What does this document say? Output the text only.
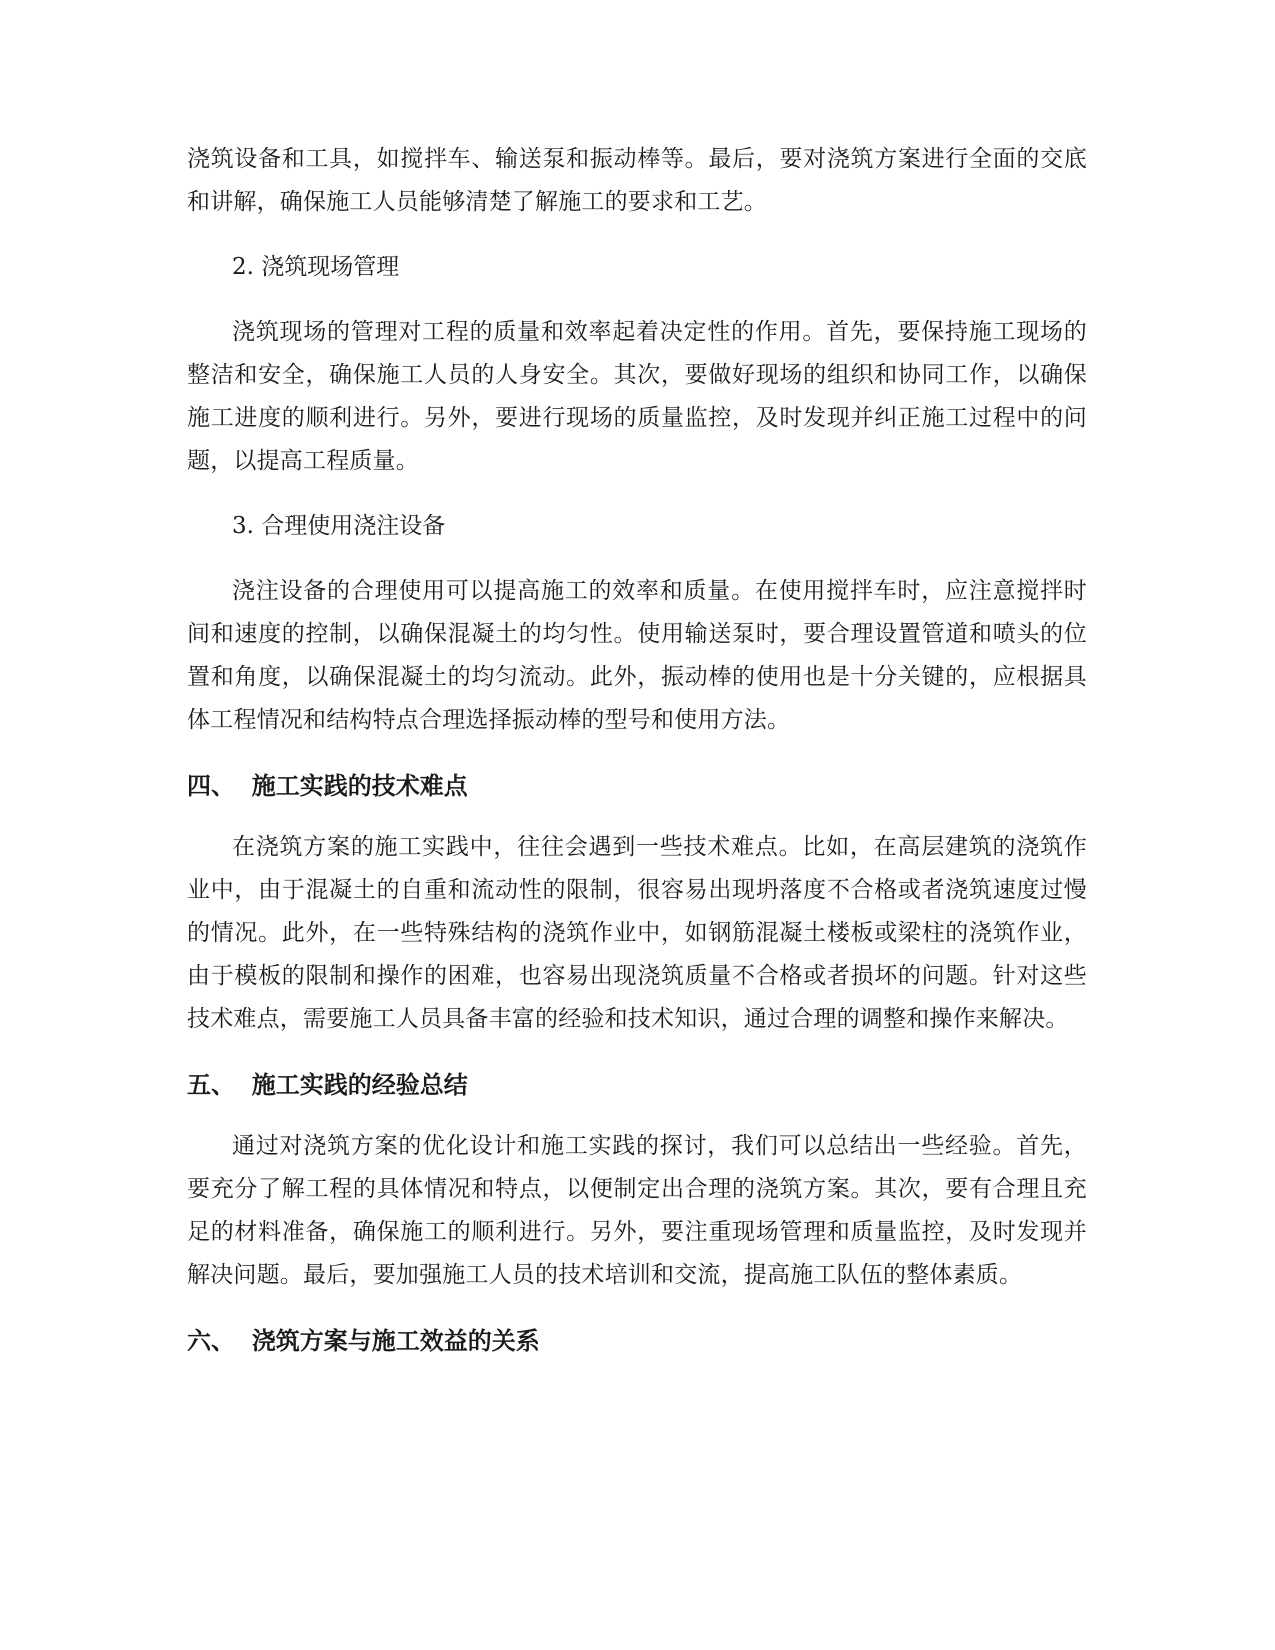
浇筑设备和工具，如搅拌车、输送泵和振动棒等。最后，要对浇筑方案进行全面的交底和讲解，确保施工人员能够清楚了解施工的要求和工艺。

2. 浇筑现场管理

浇筑现场的管理对工程的质量和效率起着决定性的作用。首先，要保持施工现场的整洁和安全，确保施工人员的人身安全。其次，要做好现场的组织和协同工作，以确保施工进度的顺利进行。另外，要进行现场的质量监控，及时发现并纠正施工过程中的问题，以提高工程质量。

3. 合理使用浇注设备

浇注设备的合理使用可以提高施工的效率和质量。在使用搅拌车时，应注意搅拌时间和速度的控制，以确保混凝土的均匀性。使用输送泵时，要合理设置管道和喷头的位置和角度，以确保混凝土的均匀流动。此外，振动棒的使用也是十分关键的，应根据具体工程情况和结构特点合理选择振动棒的型号和使用方法。

四、  施工实践的技术难点

在浇筑方案的施工实践中，往往会遇到一些技术难点。比如，在高层建筑的浇筑作业中，由于混凝土的自重和流动性的限制，很容易出现坍落度不合格或者浇筑速度过慢的情况。此外，在一些特殊结构的浇筑作业中，如钢筋混凝土楼板或梁柱的浇筑作业，由于模板的限制和操作的困难，也容易出现浇筑质量不合格或者损坏的问题。针对这些技术难点，需要施工人员具备丰富的经验和技术知识，通过合理的调整和操作来解决。

五、  施工实践的经验总结

通过对浇筑方案的优化设计和施工实践的探讨，我们可以总结出一些经验。首先，要充分了解工程的具体情况和特点，以便制定出合理的浇筑方案。其次，要有合理且充足的材料准备，确保施工的顺利进行。另外，要注重现场管理和质量监控，及时发现并解决问题。最后，要加强施工人员的技术培训和交流，提高施工队伍的整体素质。

六、  浇筑方案与施工效益的关系
